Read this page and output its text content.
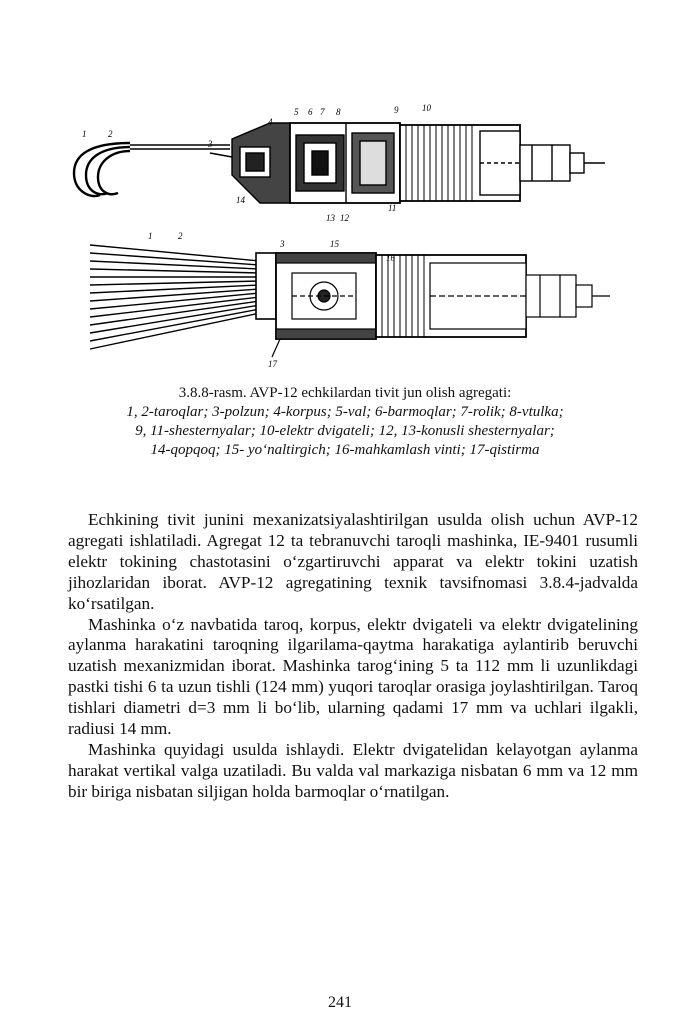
1 2
3
4
5 6 7 8	9	10
11
12
13
14
1	2
3	15
16
17
3.8.8-rasm. AVP-12 echkilardan tivit jun olish agregati:
1, 2-taroqlar; 3-polzun; 4-korpus; 5-val; 6-barmoqlar; 7-rolik; 8-vtulka;
9, 11-shesternyalar; 10-elektr dvigateli; 12, 13-konusli shesternyalar;
14-qopqoq; 15- yo‘naltirgich; 16-mahkamlash vinti; 17-qistirma

Echkining tivit junini mexanizatsiyalashtirilgan usulda olish uchun AVP-12 agregati ishlatiladi. Agregat 12 ta tebranuvchi taroqli mashinka, IE-9401 rusumli elektr tokining chastotasini o‘zgartiruvchi apparat va elektr tokini uzatish jihozlaridan iborat. AVP-12 agregatining texnik tavsifnomasi 3.8.4-jadvalda ko‘rsatilgan.

Mashinka o‘z navbatida taroq, korpus, elektr dvigateli va elektr dvigatelining aylanma harakatini taroqning ilgarilama-qaytma harakatiga aylantirib beruvchi uzatish mexanizmidan iborat. Mashinka tarog‘ining 5 ta 112 mm li uzunlikdagi pastki tishi 6 ta uzun tishli (124 mm) yuqori taroqlar orasiga joylashtirilgan. Taroq tishlari diametri d=3 mm li bo‘lib, ularning qadami 17 mm va uchlari ilgakli, radiusi 14 mm.

Mashinka quyidagi usulda ishlaydi. Elektr dvigatelidan kelayotgan aylanma harakat vertikal valga uzatiladi. Bu valda val markaziga nisbatan 6 mm va 12 mm bir biriga nisbatan siljigan holda barmoqlar o‘rnatilgan.

241
